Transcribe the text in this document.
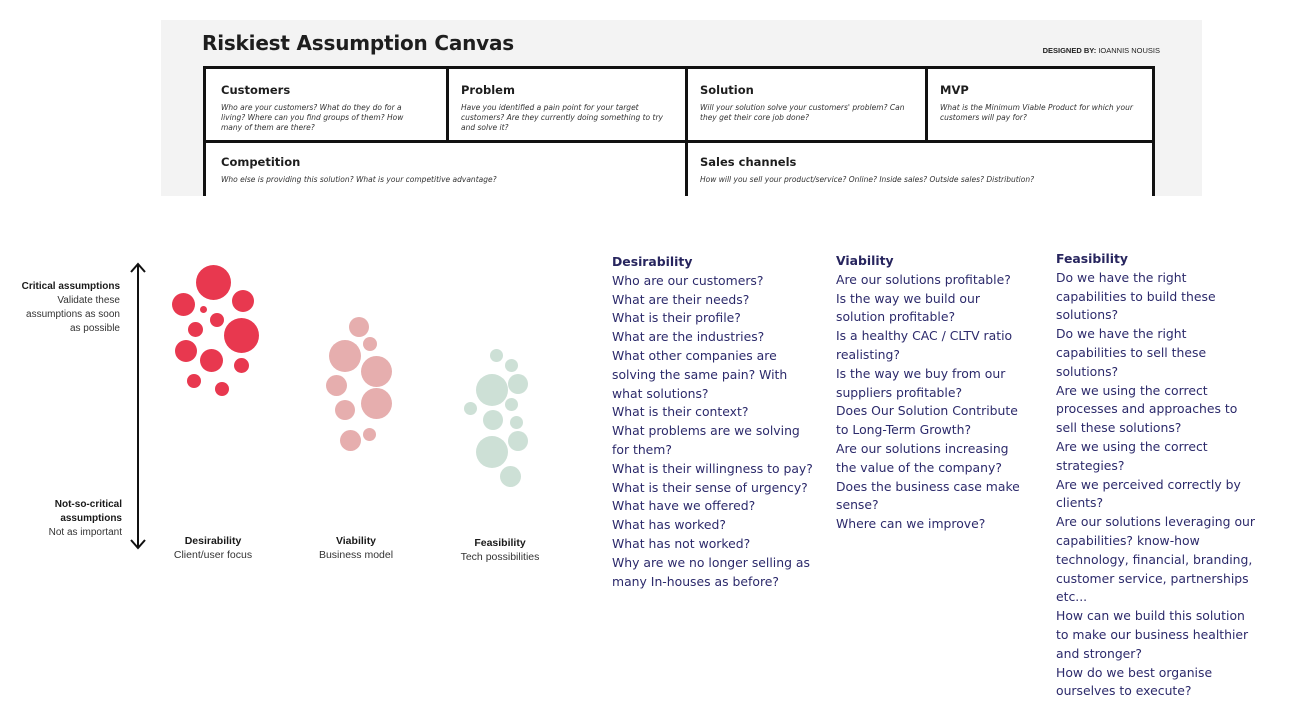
Riskiest Assumption Canvas	DESIGNED BY: IOANNIS NOUSIS
Customers
Who are your customers? What do they do for a living? Where can you find groups of them? How many of them are there?
Problem
Have you identified a pain point for your target customers? Are they currently doing something to try and solve it?
Solution
Will your solution solve your customers' problem? Can they get their core job done?
MVP
What is the Minimum Viable Product for which your customers will pay for?
Competition
Who else is providing this solution? What is your competitive advantage?
Sales channels
How will you sell your product/service? Online? Inside sales? Outside sales? Distribution?
Critical assumptions
Validate these
assumptions as soon
as possible
Not-so-critical
assumptions
Not as important
Desirability
Client/user focus
Viability
Business model
Feasibility
Tech possibilities
Desirability
Who are our customers?
What are their needs?
What is their profile?
What are the industries?
What other companies are solving the same pain? With what solutions?
What is their context?
What problems are we solving for them?
What is their willingness to pay?
What is their sense of urgency?
What have we offered?
What has worked?
What has not worked?
Why are we no longer selling as many In-houses as before?
Viability
Are our solutions profitable?
Is the way we build our solution profitable?
Is a healthy CAC / CLTV ratio realisting?
Is the way we buy from our suppliers profitable?
Does Our Solution Contribute to Long-Term Growth?
Are our solutions increasing the value of the company?
Does the business case make sense?
Where can we improve?
Feasibility
Do we have the right capabilities to build these solutions?
Do we have the right capabilities to sell these solutions?
Are we using the correct processes and approaches to sell these solutions?
Are we using the correct strategies?
Are we perceived correctly by clients?
Are our solutions leveraging our capabilities? know-how technology, financial, branding, customer service, partnerships etc...
How can we build this solution to make our business healthier and stronger?
How do we best organise ourselves to execute?
